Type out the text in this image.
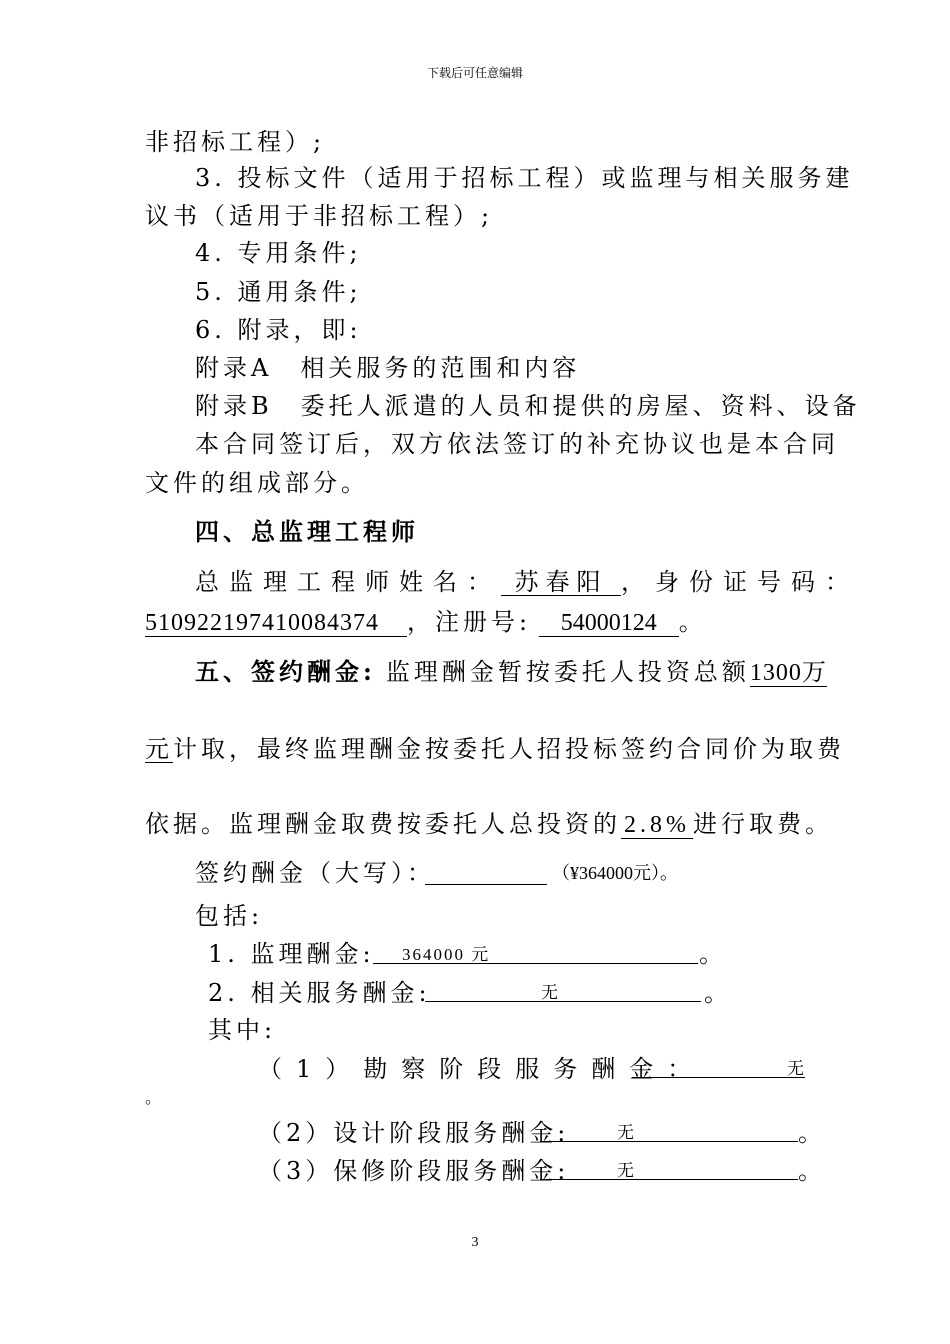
下载后可任意编辑
非招标工程）;
3. 投标文件（适用于招标工程）或监理与相关服务建
议书（适用于非招标工程）;
4. 专用条件;
5. 通用条件;
6. 附录，即:
附录A　相关服务的范围和内容
附录B　委托人派遣的人员和提供的房屋、资料、设备
本合同签订后，双方依法签订的补充协议也是本合同
文件的组成部分。
四、总监理工程师
总监理工程师姓名： 苏春阳 ，身份证号码：
510922197410084374 ，注册号: 54000124 。
五、签约酬金: 监理酬金暂按委托人投资总额1300万
元计取，最终监理酬金按委托人招投标签约合同价为取费
依据。监理酬金取费按委托人总投资的 2.8% 进行取费。
签约酬金（大写）：	（¥364000元）。
包括:
1. 监理酬金: 364000 元	。
2. 相关服务酬金:	无	。
其中:
（1）勘察阶段服务酬金：	无
。
（2）设计阶段服务酬金:	无	。
（3）保修阶段服务酬金:	无	。
3
